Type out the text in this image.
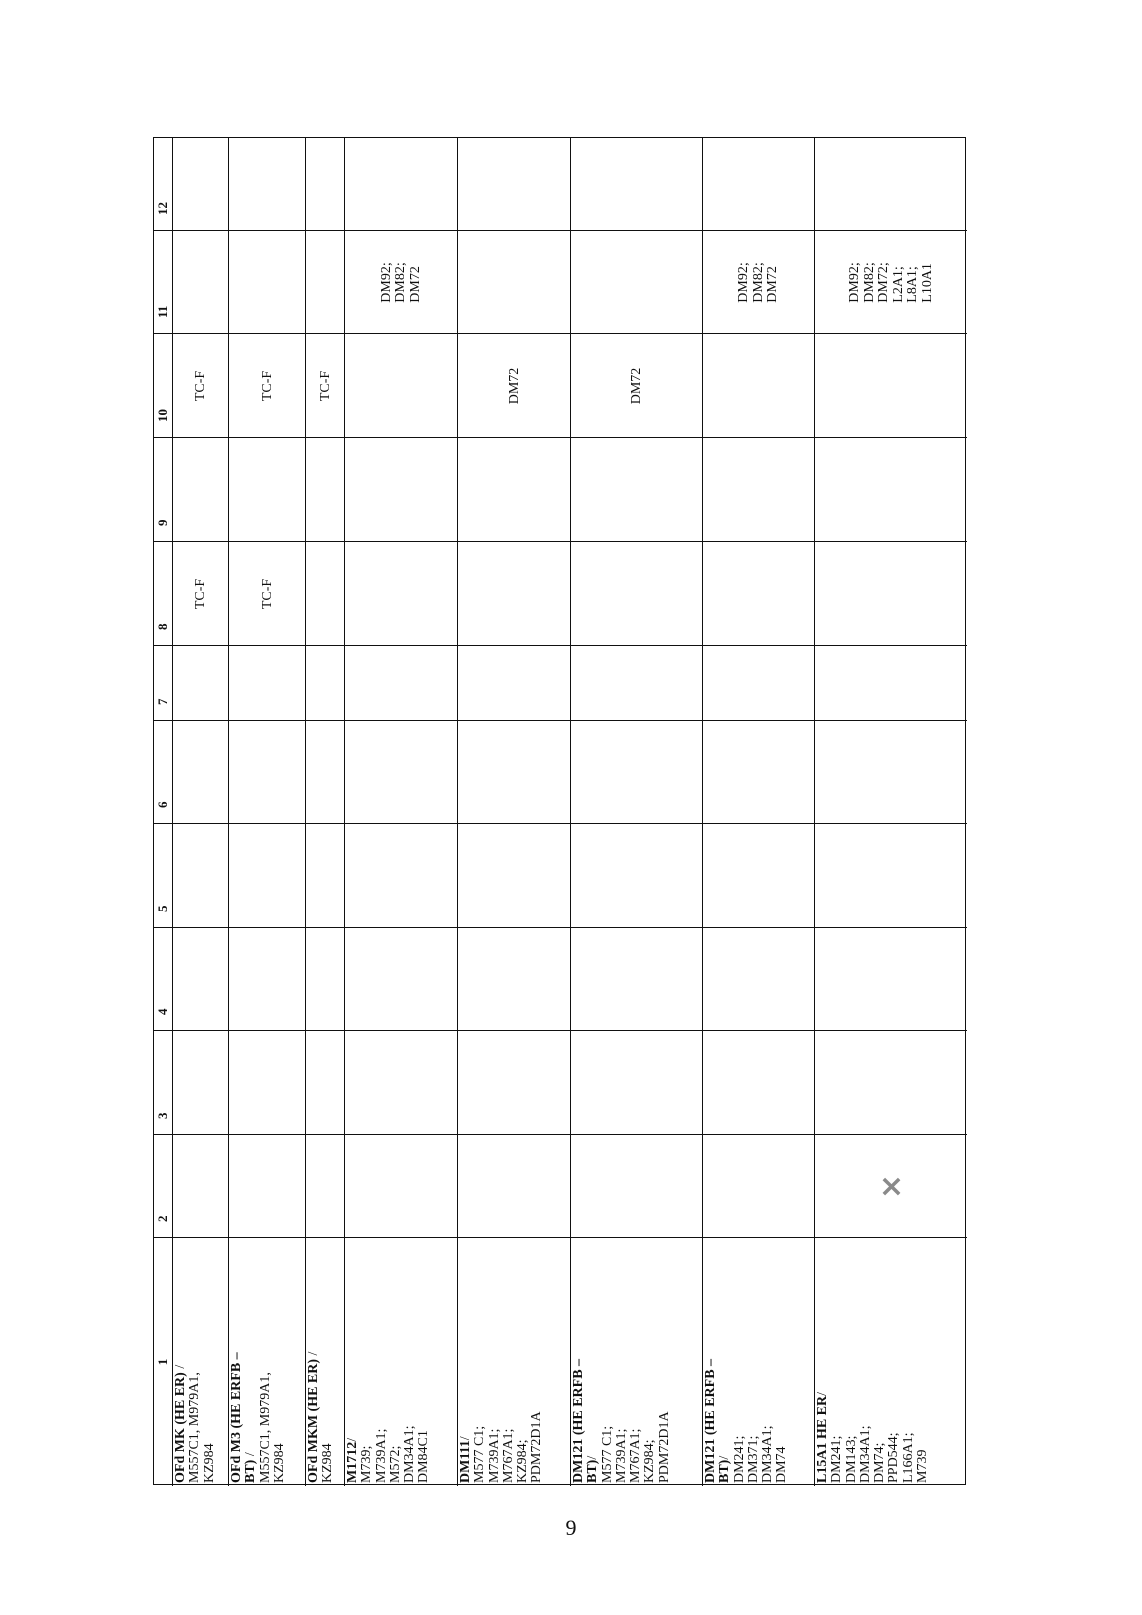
1
2
3
4
5
6
7
8
9
10
11
12
OFd MK (HE ER) /
M557C1, M979A1, KZ984
TC-F
TC-F
OFd M3 (HE ERFB – BT) / M557C1, M979A1, KZ984
TC-F
TC-F
OFd MKM (HE ER) /
KZ984
TC-F
M1712/
M739; M739A1; M572; DM34A1; DM84C1
DM92; DM82; DM72
DM111/ M577 C1; M739A1; M767A1; KZ984; PDM72D1A
DM72
DM121 (HE ERFB – BT)/ M577 C1; M739A1; M767A1; KZ984; PDM72D1A
DM72
DM121 (HE ERFB – BT)/ DM241; DM371; DM34A1; DM74
DM92; DM82; DM72
L15A1 HE ER/
DM241; DM143; DM34A1; DM74; PPD544; L166A1; M739
×
DM92; DM82; DM72; L2A1; L8A1; L10A1
9
